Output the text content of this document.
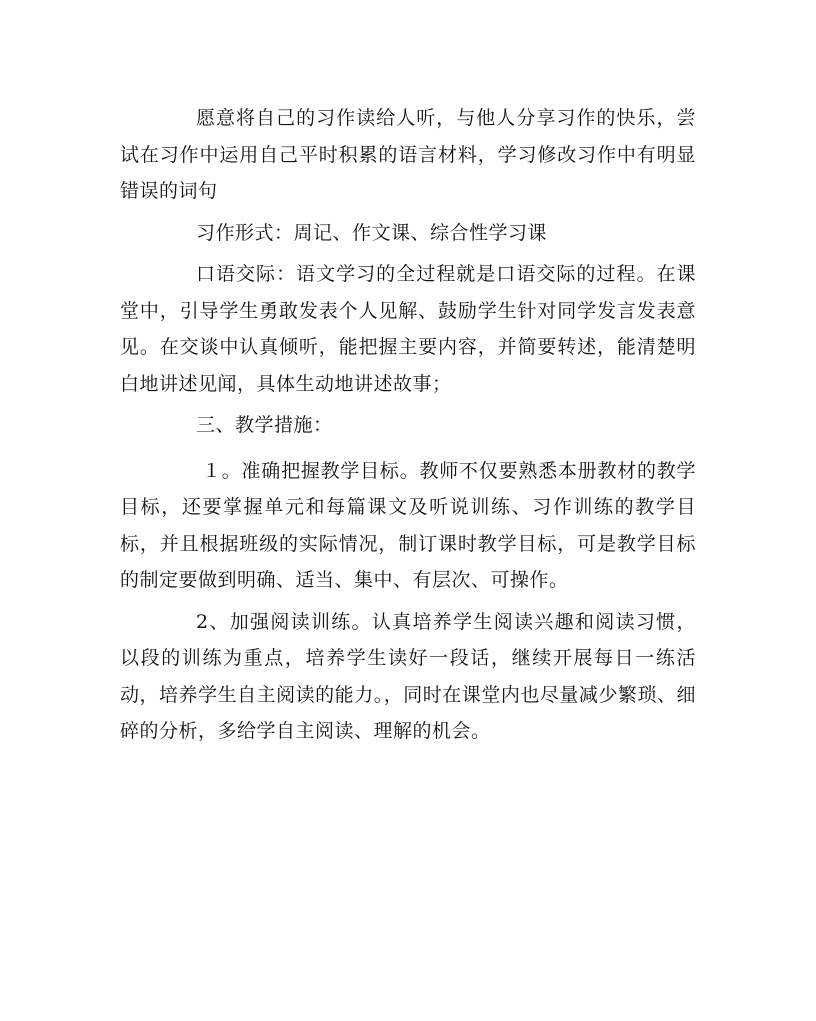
愿意将自己的习作读给人听，与他人分享习作的快乐，尝试在习作中运用自己平时积累的语言材料，学习修改习作中有明显错误的词句

习作形式：周记、作文课、综合性学习课

口语交际：语文学习的全过程就是口语交际的过程。在课堂中，引导学生勇敢发表个人见解、鼓励学生针对同学发言发表意见。在交谈中认真倾听，能把握主要内容，并简要转述，能清楚明白地讲述见闻，具体生动地讲述故事；

三、教学措施：

１。准确把握教学目标。教师不仅要熟悉本册教材的教学目标，还要掌握单元和每篇课文及听说训练、习作训练的教学目标，并且根据班级的实际情况，制订课时教学目标，可是教学目标的制定要做到明确、适当、集中、有层次、可操作。

2、加强阅读训练。认真培养学生阅读兴趣和阅读习惯，以段的训练为重点，培养学生读好一段话，继续开展每日一练活动，培养学生自主阅读的能力。，同时在课堂内也尽量减少繁琐、细碎的分析，多给学自主阅读、理解的机会。
